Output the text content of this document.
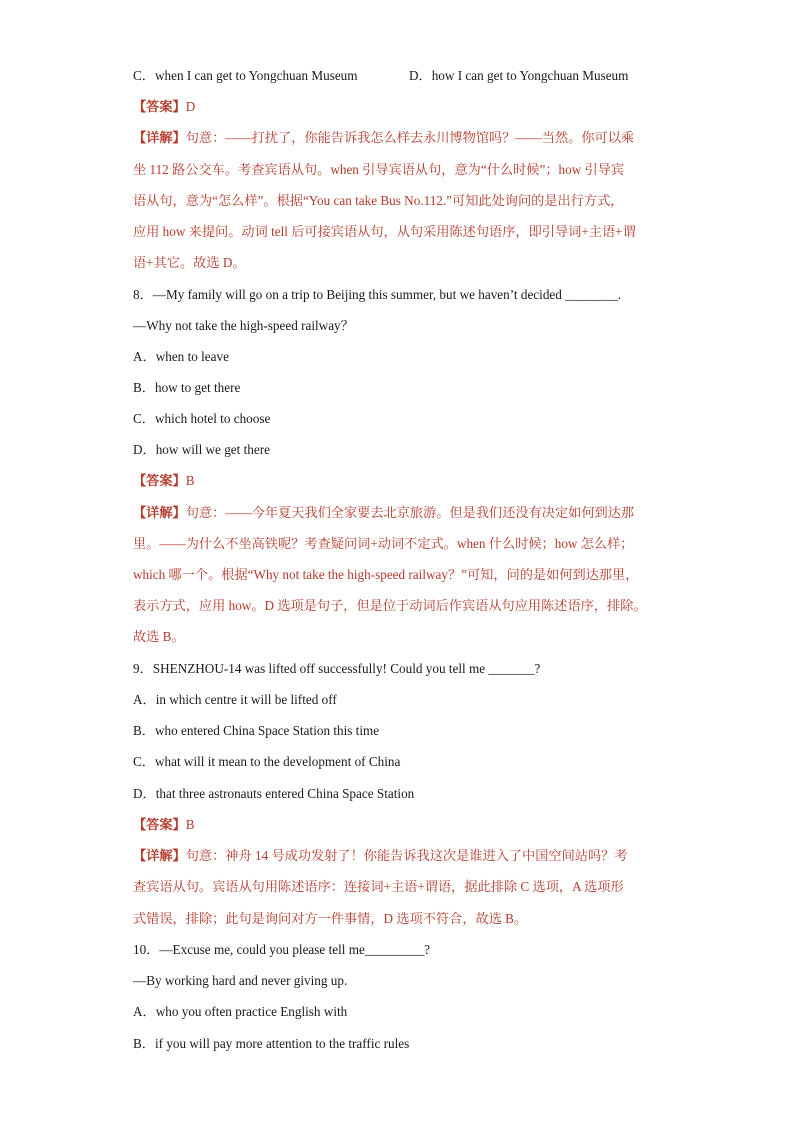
C．when I can get to Yongchuan Museum	D．how I can get to Yongchuan Museum
【答案】D
【详解】句意：——打扰了，你能告诉我怎么样去永川博物馆吗？——当然。你可以乘
坐 112 路公交车。考查宾语从句。when 引导宾语从句，意为“什么时候”；how 引导宾
语从句，意为“怎么样”。根据“You can take Bus No.112.”可知此处询问的是出行方式，
应用 how 来提问。动词 tell 后可接宾语从句，从句采用陈述句语序，即引导词+主语+谓
语+其它。故选 D。
8．—My family will go on a trip to Beijing this summer, but we haven’t decided ________.
—Why not take the high-speed railway？
A．when to leave
B．how to get there
C．which hotel to choose
D．how will we get there
【答案】B
【详解】句意：——今年夏天我们全家要去北京旅游。但是我们还没有决定如何到达那
里。——为什么不坐高铁呢？考查疑问词+动词不定式。when 什么时候；how 怎么样；
which 哪一个。根据“Why not take the high-speed railway？”可知，问的是如何到达那里，
表示方式，应用 how。D 选项是句子，但是位于动词后作宾语从句应用陈述语序，排除。
故选 B。
9．SHENZHOU-14 was lifted off successfully! Could you tell me _______?
A．in which centre it will be lifted off
B．who entered China Space Station this time
C．what will it mean to the development of China
D．that three astronauts entered China Space Station
【答案】B
【详解】句意：神舟 14 号成功发射了！你能告诉我这次是谁进入了中国空间站吗？考
查宾语从句。宾语从句用陈述语序：连接词+主语+谓语，据此排除 C 选项，A 选项形
式错误，排除；此句是询问对方一件事情，D 选项不符合，故选 B。
10．—Excuse me, could you please tell me_________?
—By working hard and never giving up.
A．who you often practice English with
B．if you will pay more attention to the traffic rules
